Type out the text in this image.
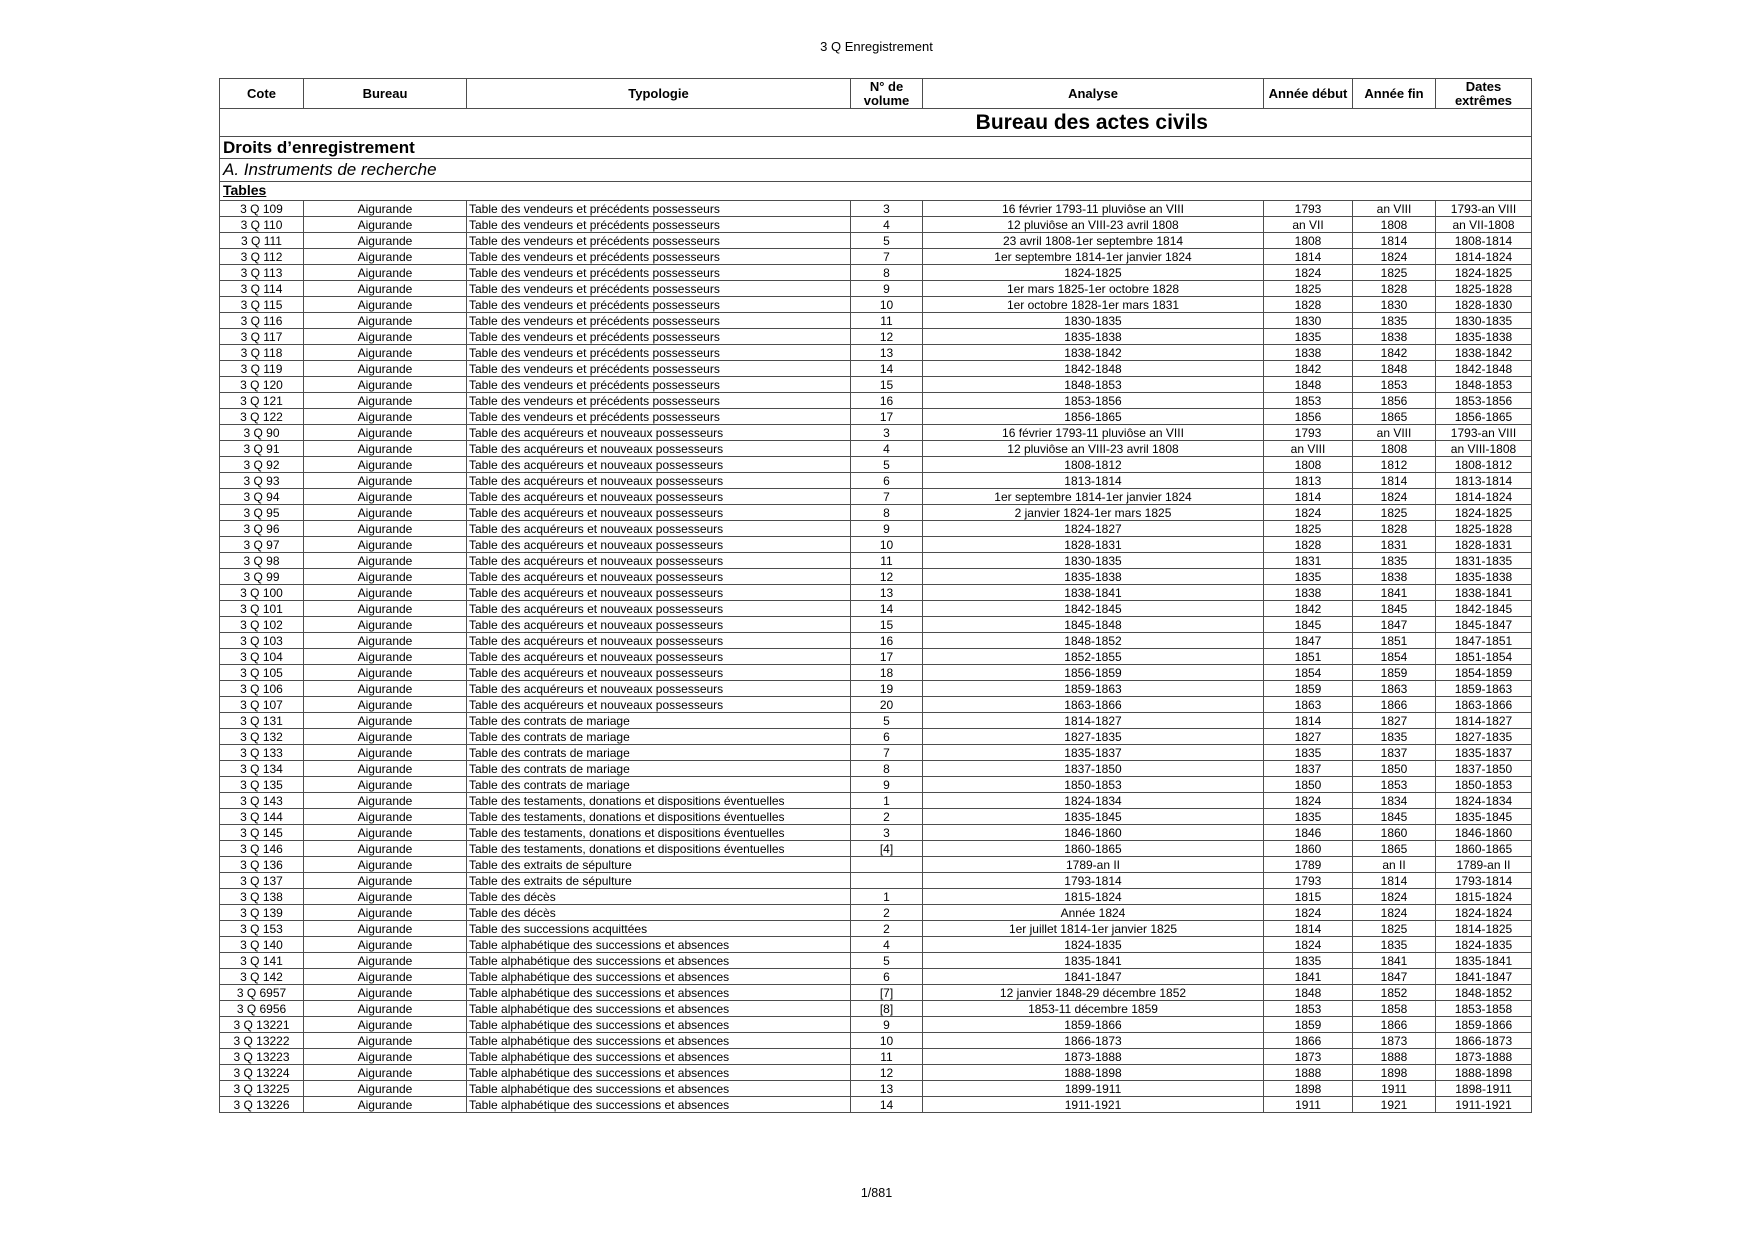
3 Q Enregistrement
Cote	Bureau	Typologie	N° de volume	Analyse	Année début	Année fin	Dates extrêmes

Bureau des actes civils							

Droits d’enregistrement							
A. Instruments de recherche							
Tables							
3 Q 109	Aigurande	Table des vendeurs et précédents possesseurs	3	16 février 1793-11 pluviôse an VIII	1793	an VIII	1793-an VIII
3 Q 110	Aigurande	Table des vendeurs et précédents possesseurs	4	12 pluviôse an VIII-23 avril 1808	an VII	1808	an VII-1808
3 Q 111	Aigurande	Table des vendeurs et précédents possesseurs	5	23 avril 1808-1er septembre 1814	1808	1814	1808-1814
3 Q 112	Aigurande	Table des vendeurs et précédents possesseurs	7	1er septembre 1814-1er janvier 1824	1814	1824	1814-1824
3 Q 113	Aigurande	Table des vendeurs et précédents possesseurs	8	1824-1825	1824	1825	1824-1825
3 Q 114	Aigurande	Table des vendeurs et précédents possesseurs	9	1er mars 1825-1er octobre 1828	1825	1828	1825-1828
3 Q 115	Aigurande	Table des vendeurs et précédents possesseurs	10	1er octobre 1828-1er mars 1831	1828	1830	1828-1830
3 Q 116	Aigurande	Table des vendeurs et précédents possesseurs	11	1830-1835	1830	1835	1830-1835
3 Q 117	Aigurande	Table des vendeurs et précédents possesseurs	12	1835-1838	1835	1838	1835-1838
3 Q 118	Aigurande	Table des vendeurs et précédents possesseurs	13	1838-1842	1838	1842	1838-1842
3 Q 119	Aigurande	Table des vendeurs et précédents possesseurs	14	1842-1848	1842	1848	1842-1848
3 Q 120	Aigurande	Table des vendeurs et précédents possesseurs	15	1848-1853	1848	1853	1848-1853
3 Q 121	Aigurande	Table des vendeurs et précédents possesseurs	16	1853-1856	1853	1856	1853-1856
3 Q 122	Aigurande	Table des vendeurs et précédents possesseurs	17	1856-1865	1856	1865	1856-1865
3 Q 90	Aigurande	Table des acquéreurs et nouveaux possesseurs	3	16 février 1793-11 pluviôse an VIII	1793	an VIII	1793-an VIII
3 Q 91	Aigurande	Table des acquéreurs et nouveaux possesseurs	4	12 pluviôse an VIII-23 avril 1808	an VIII	1808	an VIII-1808
3 Q 92	Aigurande	Table des acquéreurs et nouveaux possesseurs	5	1808-1812	1808	1812	1808-1812
3 Q 93	Aigurande	Table des acquéreurs et nouveaux possesseurs	6	1813-1814	1813	1814	1813-1814
3 Q 94	Aigurande	Table des acquéreurs et nouveaux possesseurs	7	1er septembre 1814-1er janvier 1824	1814	1824	1814-1824
3 Q 95	Aigurande	Table des acquéreurs et nouveaux possesseurs	8	2 janvier 1824-1er mars 1825	1824	1825	1824-1825
3 Q 96	Aigurande	Table des acquéreurs et nouveaux possesseurs	9	1824-1827	1825	1828	1825-1828
3 Q 97	Aigurande	Table des acquéreurs et nouveaux possesseurs	10	1828-1831	1828	1831	1828-1831
3 Q 98	Aigurande	Table des acquéreurs et nouveaux possesseurs	11	1830-1835	1831	1835	1831-1835
3 Q 99	Aigurande	Table des acquéreurs et nouveaux possesseurs	12	1835-1838	1835	1838	1835-1838
3 Q 100	Aigurande	Table des acquéreurs et nouveaux possesseurs	13	1838-1841	1838	1841	1838-1841
3 Q 101	Aigurande	Table des acquéreurs et nouveaux possesseurs	14	1842-1845	1842	1845	1842-1845
3 Q 102	Aigurande	Table des acquéreurs et nouveaux possesseurs	15	1845-1848	1845	1847	1845-1847
3 Q 103	Aigurande	Table des acquéreurs et nouveaux possesseurs	16	1848-1852	1847	1851	1847-1851
3 Q 104	Aigurande	Table des acquéreurs et nouveaux possesseurs	17	1852-1855	1851	1854	1851-1854
3 Q 105	Aigurande	Table des acquéreurs et nouveaux possesseurs	18	1856-1859	1854	1859	1854-1859
3 Q 106	Aigurande	Table des acquéreurs et nouveaux possesseurs	19	1859-1863	1859	1863	1859-1863
3 Q 107	Aigurande	Table des acquéreurs et nouveaux possesseurs	20	1863-1866	1863	1866	1863-1866
3 Q 131	Aigurande	Table des contrats de mariage	5	1814-1827	1814	1827	1814-1827
3 Q 132	Aigurande	Table des contrats de mariage	6	1827-1835	1827	1835	1827-1835
3 Q 133	Aigurande	Table des contrats de mariage	7	1835-1837	1835	1837	1835-1837
3 Q 134	Aigurande	Table des contrats de mariage	8	1837-1850	1837	1850	1837-1850
3 Q 135	Aigurande	Table des contrats de mariage	9	1850-1853	1850	1853	1850-1853
3 Q 143	Aigurande	Table des testaments, donations et dispositions éventuelles	1	1824-1834	1824	1834	1824-1834
3 Q 144	Aigurande	Table des testaments, donations et dispositions éventuelles	2	1835-1845	1835	1845	1835-1845
3 Q 145	Aigurande	Table des testaments, donations et dispositions éventuelles	3	1846-1860	1846	1860	1846-1860
3 Q 146	Aigurande	Table des testaments, donations et dispositions éventuelles	[4]	1860-1865	1860	1865	1860-1865
3 Q 136	Aigurande	Table des extraits de sépulture		1789-an II	1789	an II	1789-an II
3 Q 137	Aigurande	Table des extraits de sépulture		1793-1814	1793	1814	1793-1814
3 Q 138	Aigurande	Table des décès	1	1815-1824	1815	1824	1815-1824
3 Q 139	Aigurande	Table des décès	2	Année 1824	1824	1824	1824-1824
3 Q 153	Aigurande	Table des successions acquittées	2	1er juillet 1814-1er janvier 1825	1814	1825	1814-1825
3 Q 140	Aigurande	Table alphabétique des successions et absences	4	1824-1835	1824	1835	1824-1835
3 Q 141	Aigurande	Table alphabétique des successions et absences	5	1835-1841	1835	1841	1835-1841
3 Q 142	Aigurande	Table alphabétique des successions et absences	6	1841-1847	1841	1847	1841-1847
3 Q 6957	Aigurande	Table alphabétique des successions et absences	[7]	12 janvier 1848-29 décembre 1852	1848	1852	1848-1852
3 Q 6956	Aigurande	Table alphabétique des successions et absences	[8]	1853-11 décembre 1859	1853	1858	1853-1858
3 Q 13221	Aigurande	Table alphabétique des successions et absences	9	1859-1866	1859	1866	1859-1866
3 Q 13222	Aigurande	Table alphabétique des successions et absences	10	1866-1873	1866	1873	1866-1873
3 Q 13223	Aigurande	Table alphabétique des successions et absences	11	1873-1888	1873	1888	1873-1888
3 Q 13224	Aigurande	Table alphabétique des successions et absences	12	1888-1898	1888	1898	1888-1898
3 Q 13225	Aigurande	Table alphabétique des successions et absences	13	1899-1911	1898	1911	1898-1911
3 Q 13226	Aigurande	Table alphabétique des successions et absences	14	1911-1921	1911	1921	1911-1921
1/881
